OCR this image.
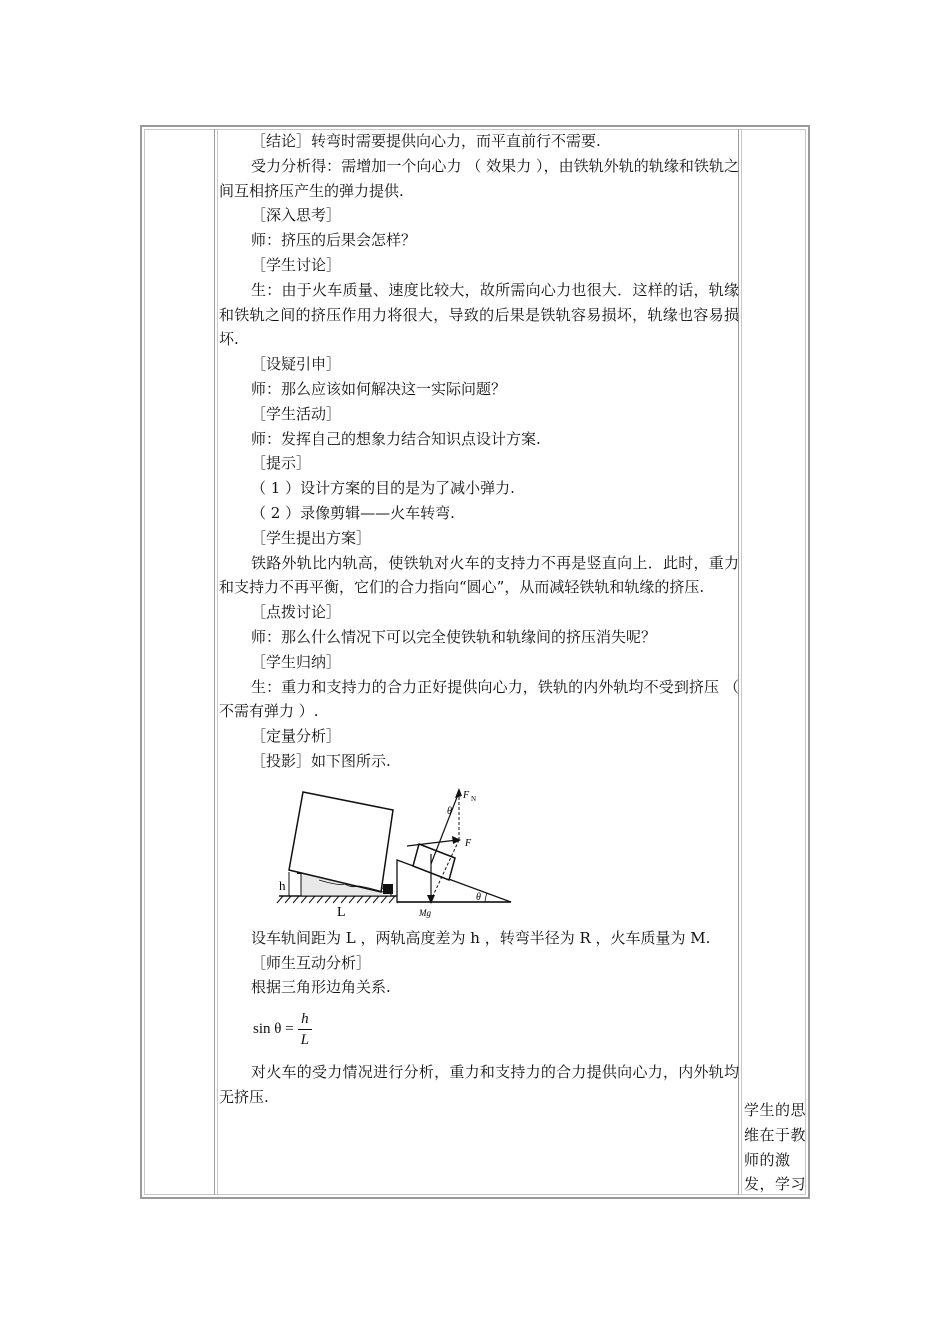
［结论］转弯时需要提供向心力，而平直前行不需要.

受力分析得：需增加一个向心力 （ 效果力 ），由铁轨外轨的轨缘和铁轨之间互相挤压产生的弹力提供.

［深入思考］

师：挤压的后果会怎样？

［学生讨论］

生：由于火车质量、速度比较大，故所需向心力也很大．这样的话，轨缘和铁轨之间的挤压作用力将很大，导致的后果是铁轨容易损坏，轨缘也容易损坏.

［设疑引申］

师：那么应该如何解决这一实际问题？

［学生活动］

师：发挥自己的想象力结合知识点设计方案.

［提示］

（ 1 ）设计方案的目的是为了减小弹力.

（ 2 ）录像剪辑——火车转弯.

［学生提出方案］

铁路外轨比内轨高，使铁轨对火车的支持力不再是竖直向上．此时，重力和支持力不再平衡，它们的合力指向“圆心”，从而减轻铁轨和轨缘的挤压.

［点拨讨论］

师：那么什么情况下可以完全使铁轨和轨缘间的挤压消失呢？

［学生归纳］

生：重力和支持力的合力正好提供向心力，铁轨的内外轨均不受到挤压 （ 不需有弹力 ）.

［定量分析］

［投影］如下图所示.

h
L
θ
F N
θ
F
Mg

设车轨间距为 L ，两轨高度差为 h ，转弯半径为 R ，火车质量为 M.

［师生互动分析］

根据三角形边角关系.

$\sin \theta = \frac{h}{L}$

对火车的受力情况进行分析，重力和支持力的合力提供向心力，内外轨均无挤压.

学生的思维在于教师的激发，学习
